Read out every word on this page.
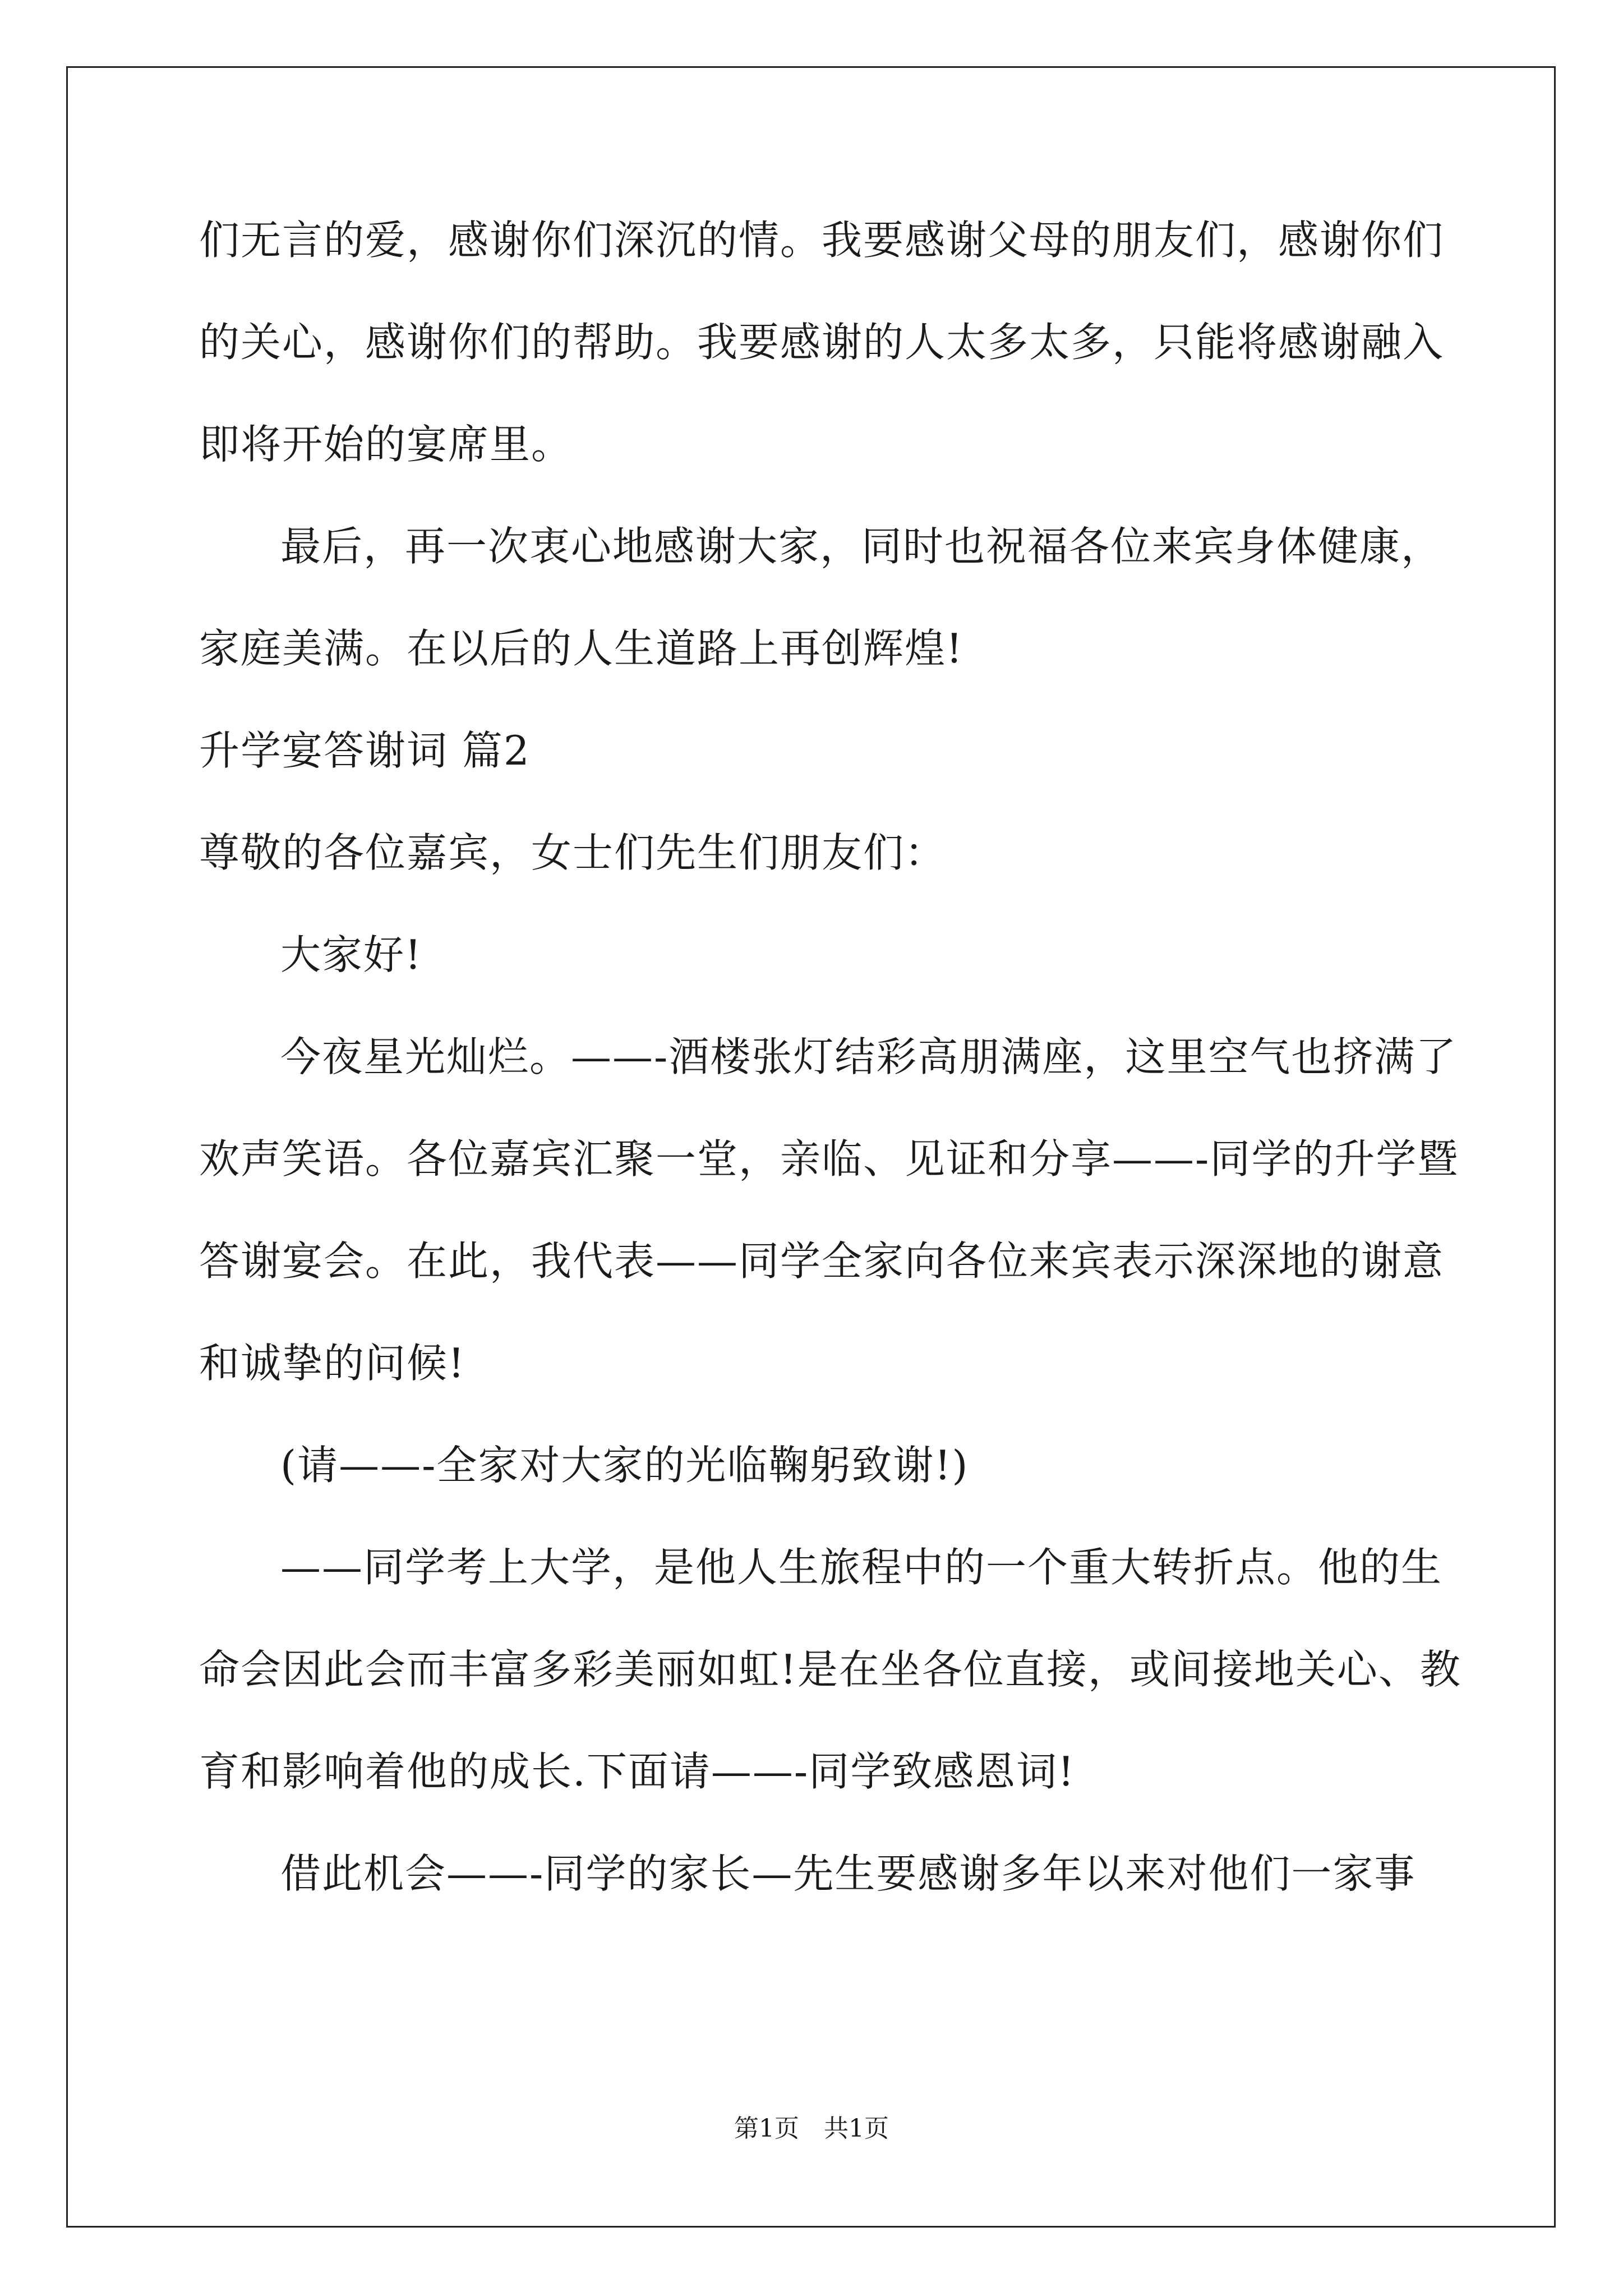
们无言的爱，感谢你们深沉的情。我要感谢父母的朋友们，感谢你们
的关心，感谢你们的帮助。我要感谢的人太多太多，只能将感谢融入
即将开始的宴席里。
最后，再一次衷心地感谢大家，同时也祝福各位来宾身体健康，
家庭美满。在以后的人生道路上再创辉煌!
升学宴答谢词 篇2
尊敬的各位嘉宾，女士们先生们朋友们：
大家好!
今夜星光灿烂。——-酒楼张灯结彩高朋满座，这里空气也挤满了
欢声笑语。各位嘉宾汇聚一堂，亲临、见证和分享——-同学的升学暨
答谢宴会。在此，我代表——同学全家向各位来宾表示深深地的谢意
和诚挚的问候!
(请——-全家对大家的光临鞠躬致谢!)
——同学考上大学，是他人生旅程中的一个重大转折点。他的生
命会因此会而丰富多彩美丽如虹!是在坐各位直接，或间接地关心、教
育和影响着他的成长.下面请——-同学致感恩词!
借此机会——-同学的家长—先生要感谢多年以来对他们一家事
第1页　共1页
